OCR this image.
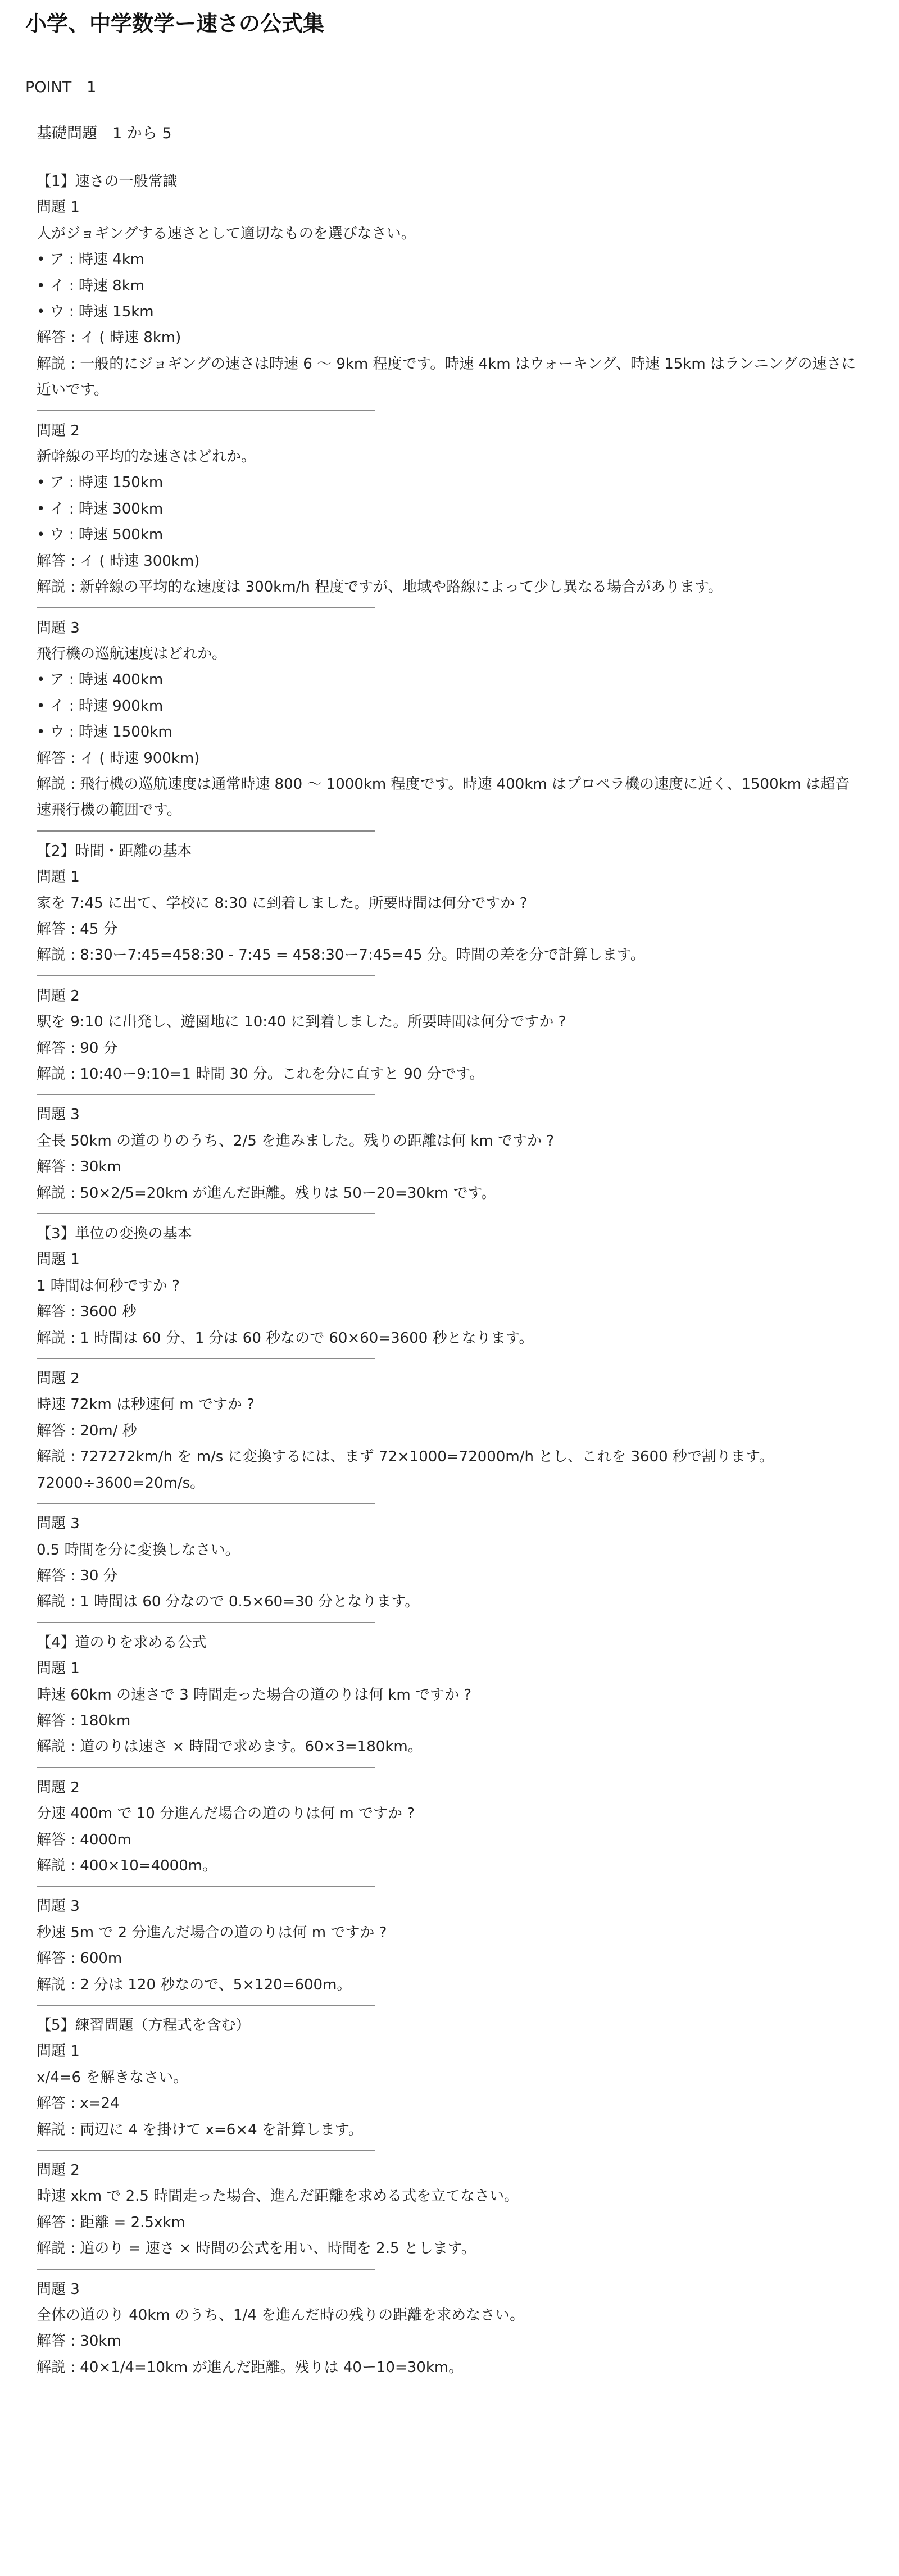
小学、中学数学ー速さの公式集
POINT　1
基礎問題　1 から 5
【1】速さの一般常識
問題 1
人がジョギングする速さとして適切なものを選びなさい。
• ア : 時速 4km
• イ : 時速 8km
• ウ : 時速 15km
解答 : イ ( 時速 8km)
解説 : 一般的にジョギングの速さは時速 6 〜 9km 程度です。時速 4km はウォーキング、時速 15km はランニングの速さに近いです。
問題 2
新幹線の平均的な速さはどれか。
• ア : 時速 150km
• イ : 時速 300km
• ウ : 時速 500km
解答 : イ ( 時速 300km)
解説 : 新幹線の平均的な速度は 300km/h 程度ですが、地域や路線によって少し異なる場合があります。
問題 3
飛行機の巡航速度はどれか。
• ア : 時速 400km
• イ : 時速 900km
• ウ : 時速 1500km
解答 : イ ( 時速 900km)
解説 : 飛行機の巡航速度は通常時速 800 〜 1000km 程度です。時速 400km はプロペラ機の速度に近く、1500km は超音速飛行機の範囲です。
【2】時間・距離の基本
問題 1
家を 7:45 に出て、学校に 8:30 に到着しました。所要時間は何分ですか ?
解答 : 45 分
解説 : 8:30ー7:45=458:30 - 7:45 = 458:30ー7:45=45 分。時間の差を分で計算します。
問題 2
駅を 9:10 に出発し、遊園地に 10:40 に到着しました。所要時間は何分ですか ?
解答 : 90 分
解説 : 10:40ー9:10=1 時間 30 分。これを分に直すと 90 分です。
問題 3
全長 50km の道のりのうち、2/5 を進みました。残りの距離は何 km ですか ?
解答 : 30km
解説 : 50×2/5=20km が進んだ距離。残りは 50ー20=30km です。
【3】単位の変換の基本
問題 1
1 時間は何秒ですか ?
解答 : 3600 秒
解説 : 1 時間は 60 分、1 分は 60 秒なので 60×60=3600 秒となります。
問題 2
時速 72km は秒速何 m ですか ?
解答 : 20m/ 秒
解説 : 727272km/h を m/s に変換するには、まず 72×1000=72000m/h とし、これを 3600 秒で割ります。72000÷3600=20m/s。
問題 3
0.5 時間を分に変換しなさい。
解答 : 30 分
解説 : 1 時間は 60 分なので 0.5×60=30 分となります。
【4】道のりを求める公式
問題 1
時速 60km の速さで 3 時間走った場合の道のりは何 km ですか ?
解答 : 180km
解説 : 道のりは速さ × 時間で求めます。60×3=180km。
問題 2
分速 400m で 10 分進んだ場合の道のりは何 m ですか ?
解答 : 4000m
解説 : 400×10=4000m。
問題 3
秒速 5m で 2 分進んだ場合の道のりは何 m ですか ?
解答 : 600m
解説 : 2 分は 120 秒なので、5×120=600m。
【5】練習問題（方程式を含む）
問題 1
x/4=6 を解きなさい。
解答 : x=24
解説 : 両辺に 4 を掛けて x=6×4 を計算します。
問題 2
時速 xkm で 2.5 時間走った場合、進んだ距離を求める式を立てなさい。
解答 : 距離 = 2.5xkm
解説 : 道のり = 速さ × 時間の公式を用い、時間を 2.5 とします。
問題 3
全体の道のり 40km のうち、1/4 を進んだ時の残りの距離を求めなさい。
解答 : 30km
解説 : 40×1/4=10km が進んだ距離。残りは 40ー10=30km。
